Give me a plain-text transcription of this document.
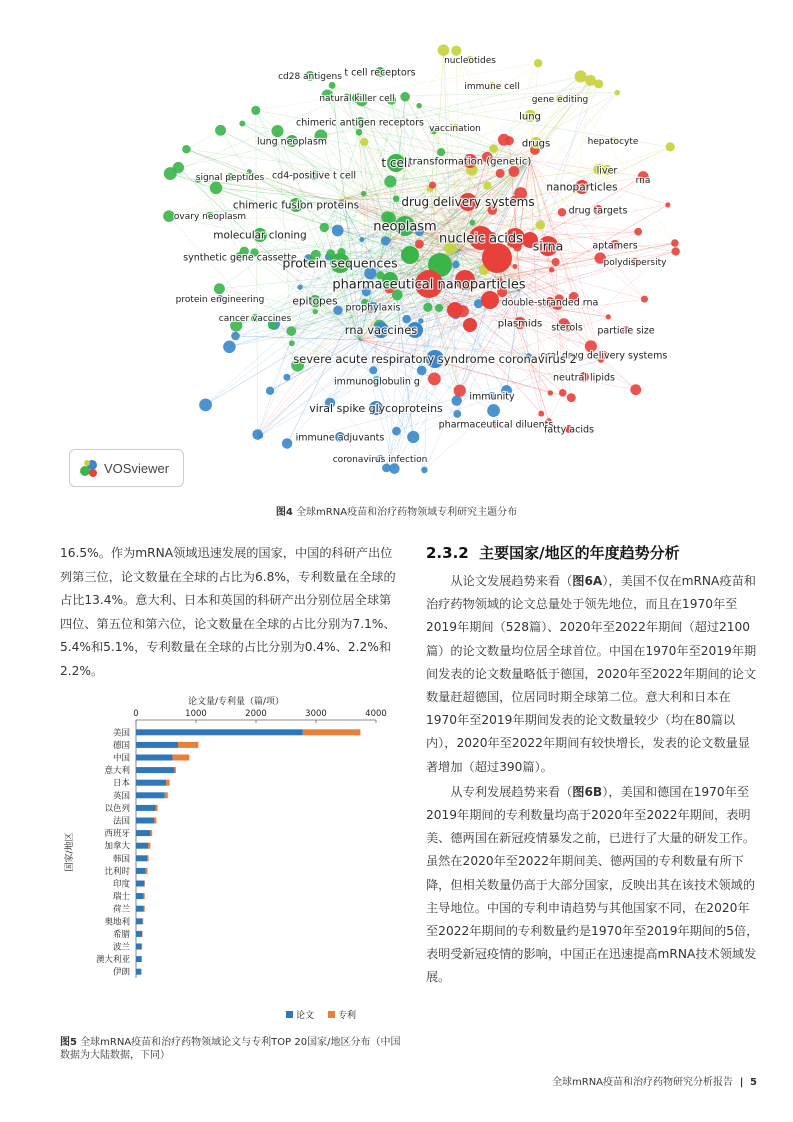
nucleotides
cd28 antigens t cell receptors
immune cell
natural killer cell	gene editing
lung
chimeric antigen receptors
vaccination
lung neoplasm	hepatocyte
drugs
t cell
transformation (genetic)
liver
signal peptides cd4-positive t cell	rna
nanoparticles
drug delivery systems
chimeric fusion proteins	drug targets
ovary neoplasm
neoplasm
molecular cloning	nucleic acids sirna	aptamers
synthetic gene cassette
protein sequences	polydispersity
pharmaceutical nanoparticles
protein engineering	epitopes	double-stranded rna
prophylaxis
cancer vaccines	plasmids sterols particle size
rna vaccines
oral drug delivery systems
severe acute respiratory syndrome coronavirus 2
neutral lipids
immunoglobulin g
immunity
viral spike glycoproteins
pharmaceutical diluents
fatty acids
immune adjuvants
coronavirus infection
VOSviewer
图4 全球mRNA疫苗和治疗药物领域专利研究主题分布
16.5%。作为mRNA领域迅速发展的国家，中国的科研产出位列第三位，论文数量在全球的占比为6.8%，专利数量在全球的占比13.4%。意大利、日本和英国的科研产出分别位居全球第四位、第五位和第六位，论文数量在全球的占比分别为7.1%、5.4%和5.1%，专利数量在全球的占比分别为0.4%、2.2%和2.2%。
2.3.2 主要国家/地区的年度趋势分析

从论文发展趋势来看（图6A），美国不仅在mRNA疫苗和治疗药物领域的论文总量处于领先地位，而且在1970年至2019年期间（528篇）、2020年至2022年期间（超过2100篇）的论文数量均位居全球首位。中国在1970年至2019年期间发表的论文数量略低于德国，2020年至2022年期间的论文数量赶超德国，位居同时期全球第二位。意大利和日本在1970年至2019年期间发表的论文数量较少（均在80篇以内），2020年至2022年期间有较快增长，发表的论文数量显著增加（超过390篇）。

从专利发展趋势来看（图6B），美国和德国在1970年至2019年期间的专利数量均高于2020年至2022年期间，表明美、德两国在新冠疫情暴发之前，已进行了大量的研发工作。虽然在2020年至2022年期间美、德两国的专利数量有所下降，但相关数量仍高于大部分国家，反映出其在该技术领域的主导地位。中国的专利申请趋势与其他国家不同，在2020年至2022年期间的专利数量约是1970年至2019年期间的5倍，表明受新冠疫情的影响，中国正在迅速提高mRNA技术领域发展。

论文量/专利量（篇/项）
0	1000	2000	3000	4000
国家/地区
美国
德国
中国
意大利
日本
英国
以色列
法国
西班牙
加拿大
韩国
比利时
印度
瑞士
荷兰
奥地利
希腊
波兰
澳大利亚
伊朗
论文	专利
图5 全球mRNA疫苗和治疗药物领域论文与专利TOP 20国家/地区分布（中国数据为大陆数据，下同）
全球mRNA疫苗和治疗药物研究分析报告  |  5
